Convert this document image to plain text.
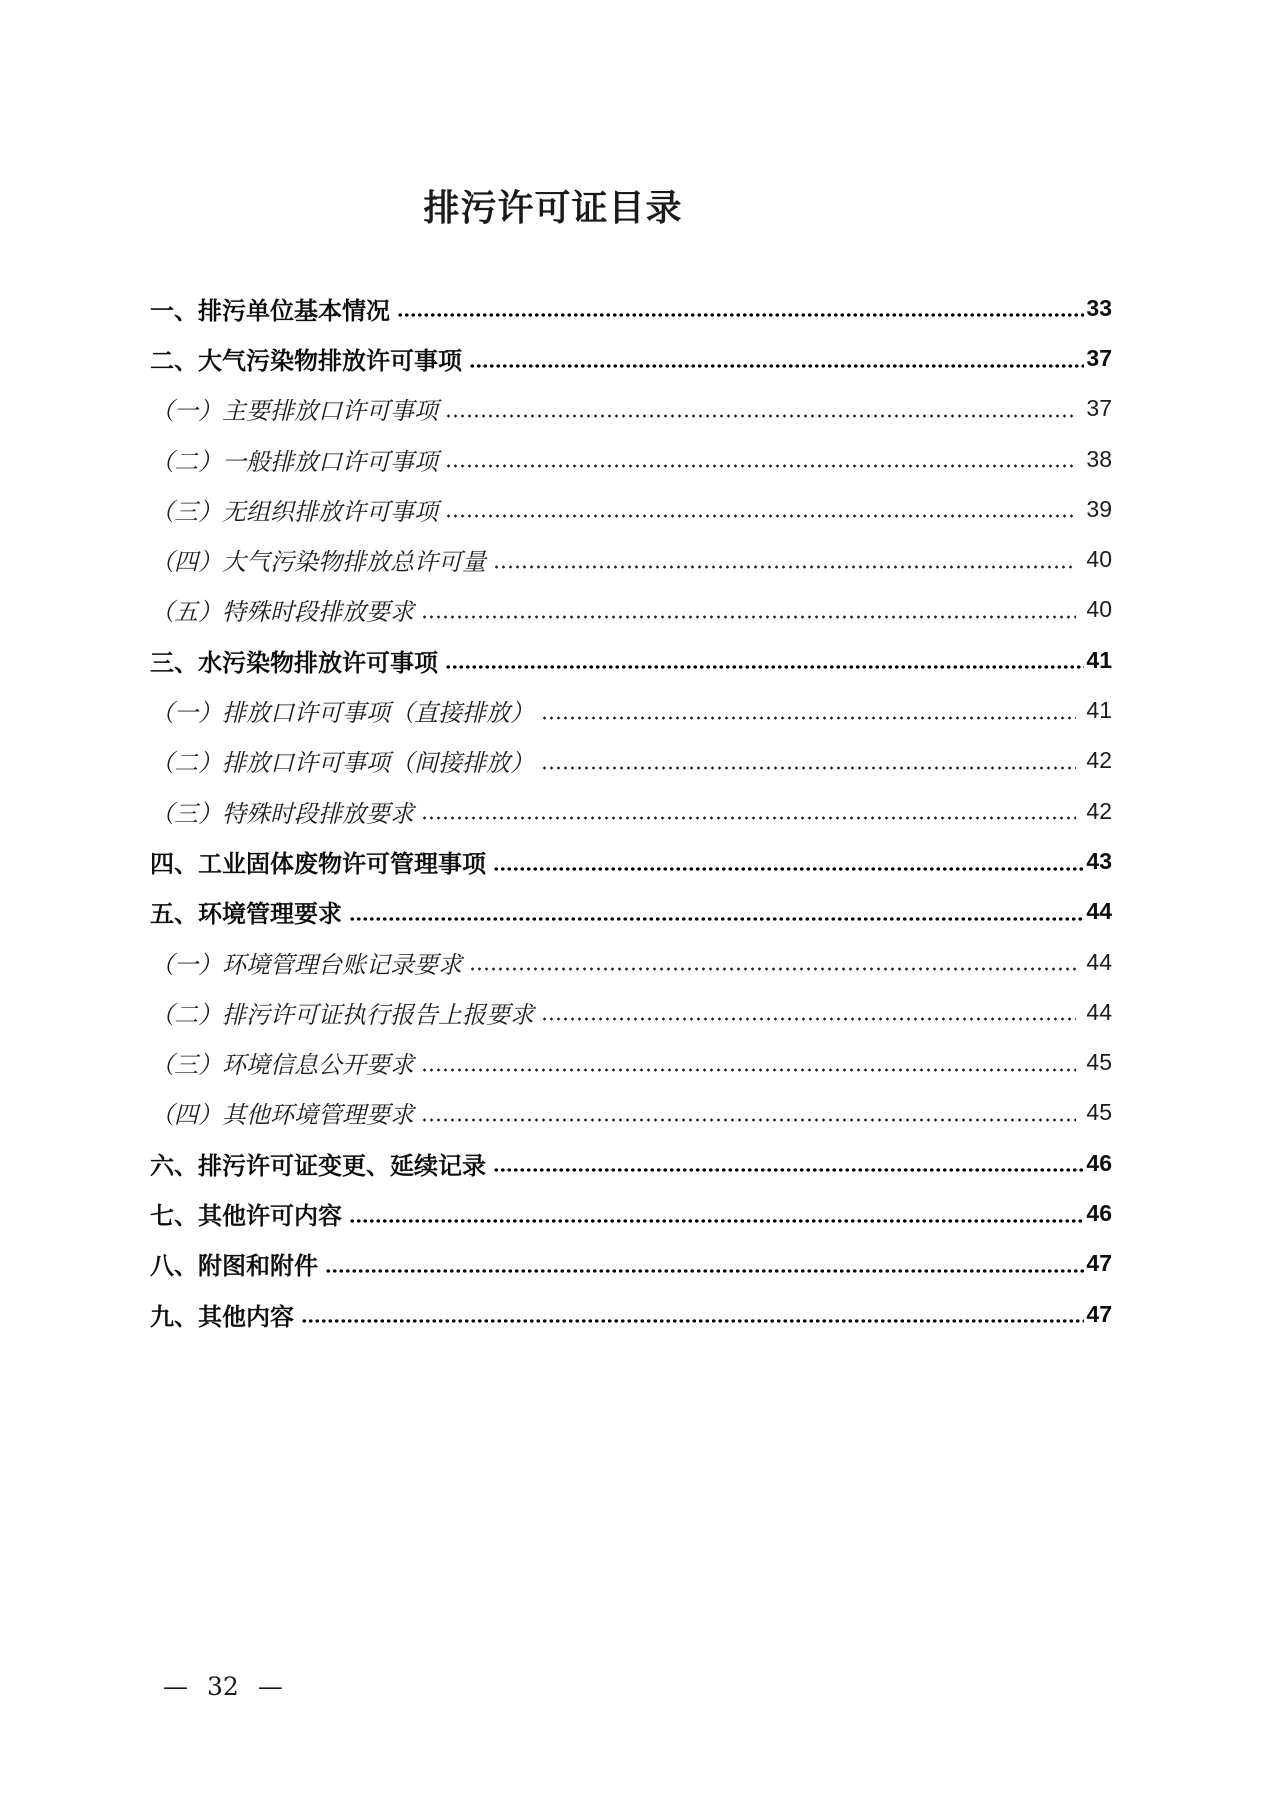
排污许可证目录
一、排污单位基本情况	33
二、大气污染物排放许可事项	37
（一）主要排放口许可事项	37
（二）一般排放口许可事项	38
（三）无组织排放许可事项	39
（四）大气污染物排放总许可量	40
（五）特殊时段排放要求	40
三、水污染物排放许可事项	41
（一）排放口许可事项（直接排放）	41
（二）排放口许可事项（间接排放）	42
（三）特殊时段排放要求	42
四、工业固体废物许可管理事项	43
五、环境管理要求	44
（一）环境管理台账记录要求	44
（二）排污许可证执行报告上报要求	44
（三）环境信息公开要求	45
（四）其他环境管理要求	45
六、排污许可证变更、延续记录	46
七、其他许可内容	46
八、附图和附件	47
九、其他内容	47
— 32 —
